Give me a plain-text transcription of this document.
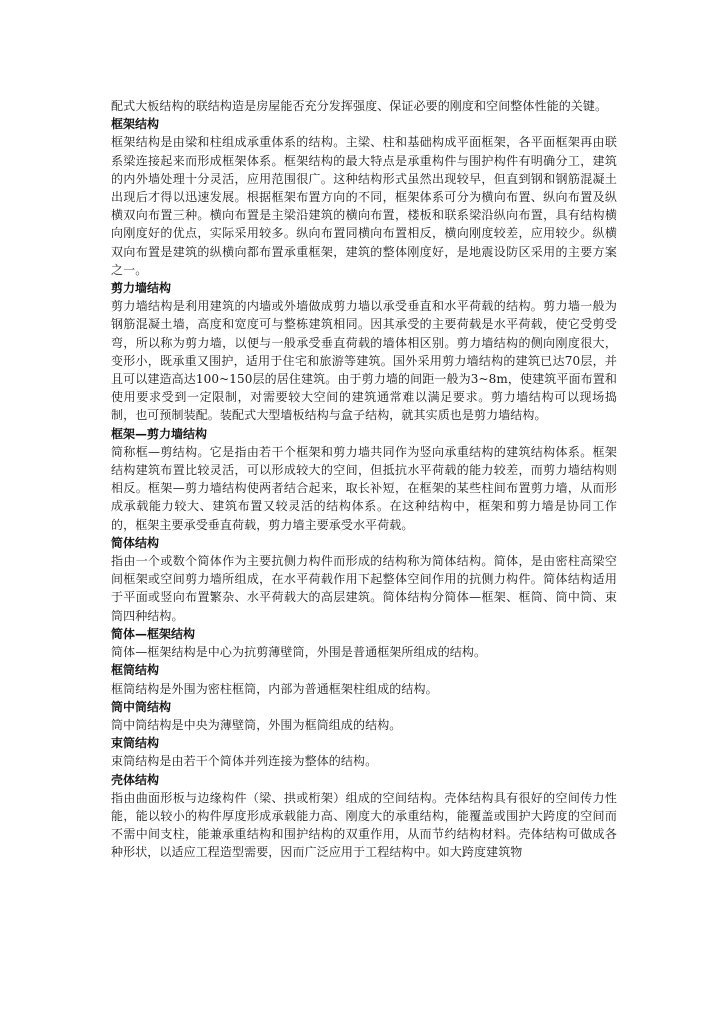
配式大板结构的联结构造是房屋能否充分发挥强度、保证必要的刚度和空间整体性能的关键。

框架结构

框架结构是由梁和柱组成承重体系的结构。主梁、柱和基础构成平面框架，各平面框架再由联系梁连接起来而形成框架体系。框架结构的最大特点是承重构件与围护构件有明确分工，建筑的内外墙处理十分灵活，应用范围很广。这种结构形式虽然出现较早，但直到钢和钢筋混凝土出现后才得以迅速发展。根据框架布置方向的不同，框架体系可分为横向布置、纵向布置及纵横双向布置三种。横向布置是主梁沿建筑的横向布置，楼板和联系梁沿纵向布置，具有结构横向刚度好的优点，实际采用较多。纵向布置同横向布置相反，横向刚度较差，应用较少。纵横双向布置是建筑的纵横向都布置承重框架，建筑的整体刚度好，是地震设防区采用的主要方案之一。

剪力墙结构

剪力墙结构是利用建筑的内墙或外墙做成剪力墙以承受垂直和水平荷载的结构。剪力墙一般为钢筋混凝土墙，高度和宽度可与整栋建筑相同。因其承受的主要荷载是水平荷载，使它受剪受弯，所以称为剪力墙，以便与一般承受垂直荷载的墙体相区别。剪力墙结构的侧向刚度很大，变形小，既承重又围护，适用于住宅和旅游等建筑。国外采用剪力墙结构的建筑已达70层，并且可以建造高达100~150层的居住建筑。由于剪力墙的间距一般为3~8m，使建筑平面布置和使用要求受到一定限制，对需要较大空间的建筑通常难以满足要求。剪力墙结构可以现场捣制，也可预制装配。装配式大型墙板结构与盒子结构，就其实质也是剪力墙结构。

框架—剪力墙结构

简称框—剪结构。它是指由若干个框架和剪力墙共同作为竖向承重结构的建筑结构体系。框架结构建筑布置比较灵活，可以形成较大的空间，但抵抗水平荷载的能力较差，而剪力墙结构则相反。框架—剪力墙结构使两者结合起来，取长补短，在框架的某些柱间布置剪力墙，从而形成承载能力较大、建筑布置又较灵活的结构体系。在这种结构中，框架和剪力墙是协同工作的，框架主要承受垂直荷载，剪力墙主要承受水平荷载。

简体结构

指由一个或数个简体作为主要抗侧力构件而形成的结构称为简体结构。简体，是由密柱高梁空间框架或空间剪力墙所组成，在水平荷载作用下起整体空间作用的抗侧力构件。简体结构适用于平面或竖向布置繁杂、水平荷载大的高层建筑。简体结构分简体—框架、框筒、筒中筒、束筒四种结构。

简体—框架结构

简体—框架结构是中心为抗剪薄壁筒，外围是普通框架所组成的结构。

框筒结构

框筒结构是外围为密柱框筒，内部为普通框架柱组成的结构。

筒中筒结构

筒中筒结构是中央为薄壁筒，外围为框筒组成的结构。

束筒结构

束筒结构是由若干个简体并列连接为整体的结构。

壳体结构

指由曲面形板与边缘构件（梁、拱或桁架）组成的空间结构。壳体结构具有很好的空间传力性能，能以较小的构件厚度形成承载能力高、刚度大的承重结构，能覆盖或围护大跨度的空间而不需中间支柱，能兼承重结构和围护结构的双重作用，从而节约结构材料。壳体结构可做成各种形状，以适应工程造型需要，因而广泛应用于工程结构中。如大跨度建筑物
